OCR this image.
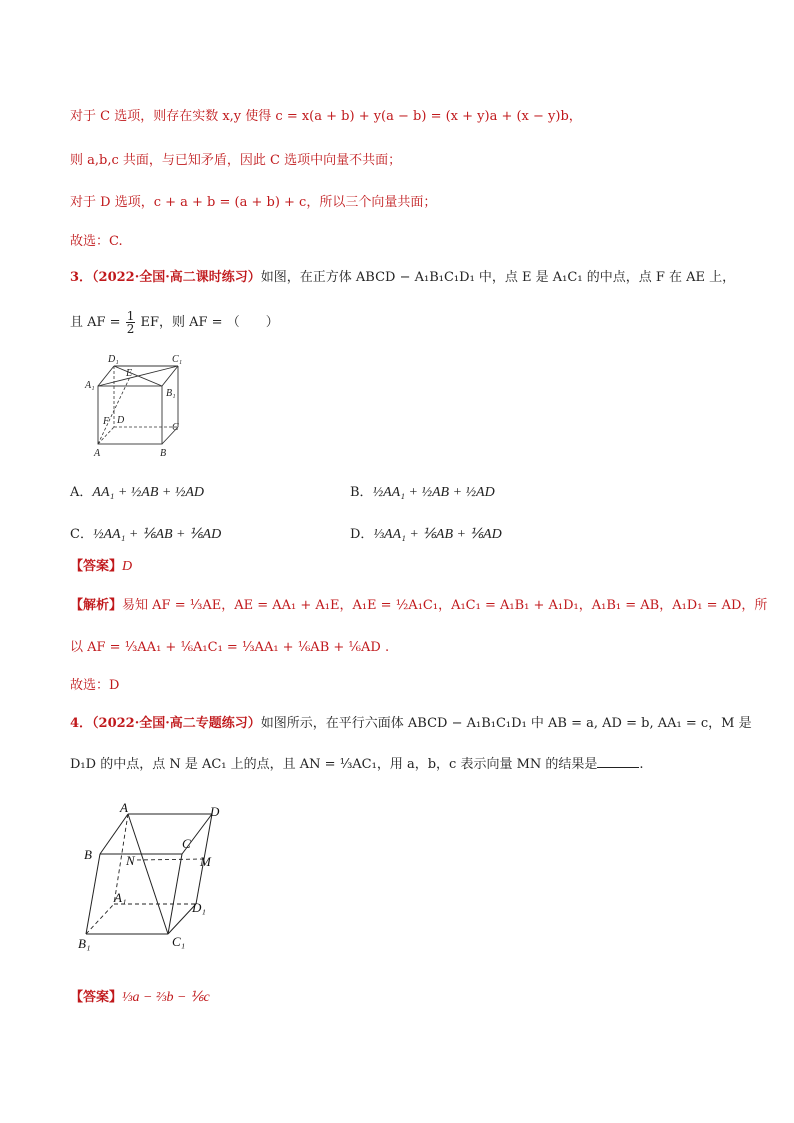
对于 C 选项，则存在实数 x,y 使得 c = x(a + b) + y(a − b) = (x + y)a + (x − y)b，
则 a,b,c 共面，与已知矛盾，因此 C 选项中向量不共面；
对于 D 选项，c + a + b = (a + b) + c，所以三个向量共面；
故选：C.
3．（2022·全国·高二课时练习）如图，在正方体 ABCD − A₁B₁C₁D₁ 中，点 E 是 A₁C₁ 的中点，点 F 在 AE 上，
且 AF = $\frac{1}{2}$ EF，则 AF = （　　）
D₁	C₁
A₁
E
B₁
F D
C
A	B
A．AA₁ + ½AB + ½AD	B．½AA₁ + ½AB + ½AD
C．½AA₁ + ⅙AB + ⅙AD	D．⅓AA₁ + ⅙AB + ⅙AD
【答案】D
【解析】易知 AF = ⅓AE，AE = AA₁ + A₁E，A₁E = ½A₁C₁，A₁C₁ = A₁B₁ + A₁D₁，A₁B₁ = AB，A₁D₁ = AD，所
以 AF = ⅓AA₁ + ⅙A₁C₁ = ⅓AA₁ + ⅙AB + ⅙AD .
故选：D
4．（2022·全国·高二专题练习）如图所示，在平行六面体 ABCD − A₁B₁C₁D₁ 中 AB = a, AD = b, AA₁ = c，M 是
D₁D 的中点，点 N 是 AC₁ 上的点，且 AN = ⅓AC₁，用 a，b，c 表示向量 MN 的结果是	.
A	D
B
C
N	M
A₁
D₁
B₁	C₁
【答案】⅓a − ⅔b − ⅙c
